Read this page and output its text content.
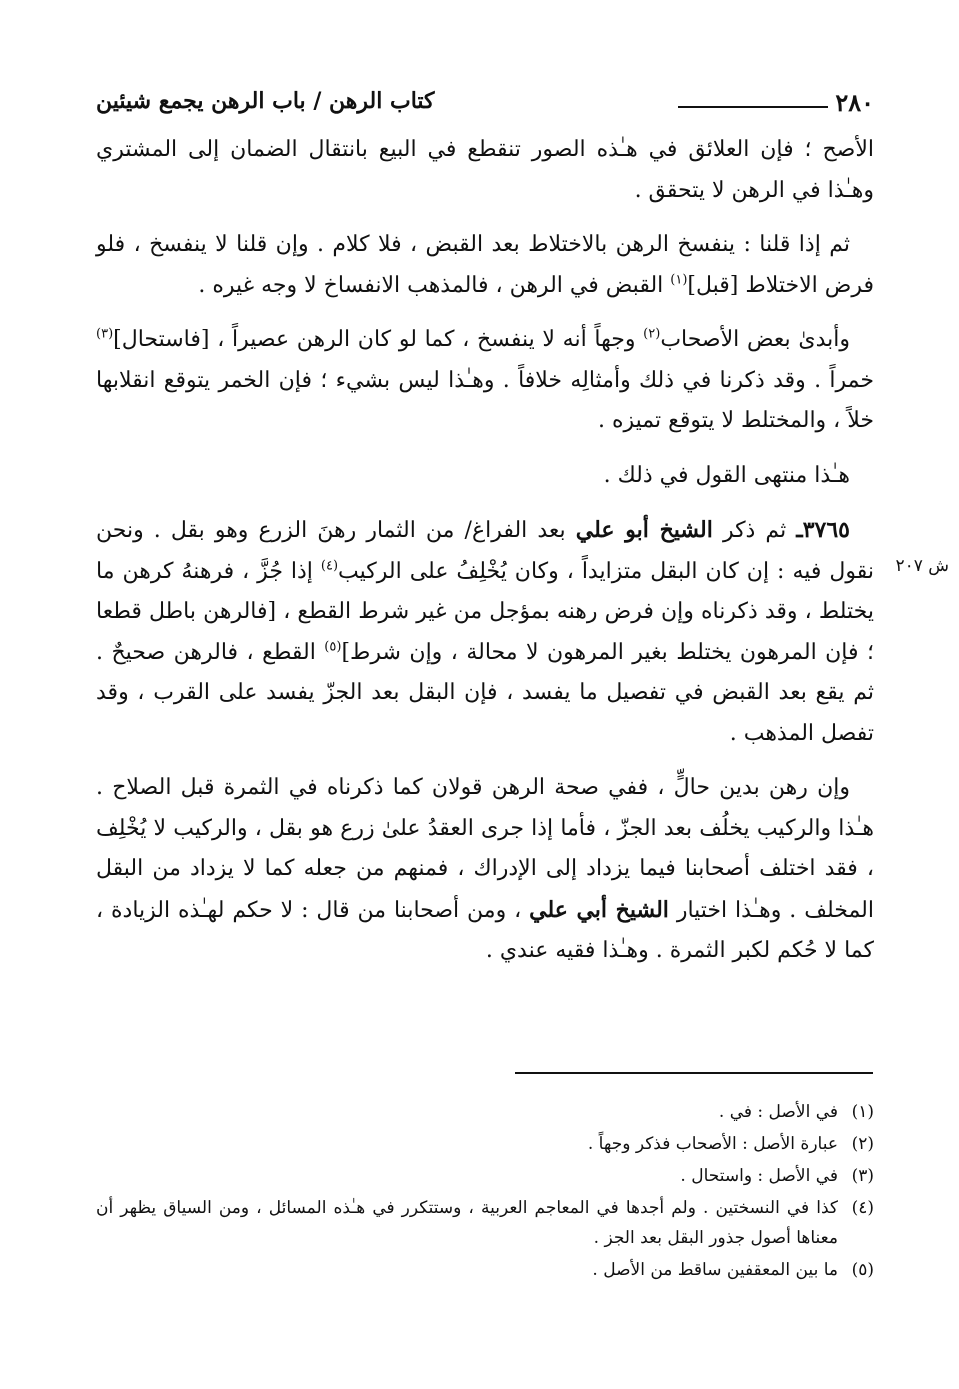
٢٨٠
كتاب الرهن / باب الرهن يجمع شيئين
ش ٢٠٧

الأصح ؛ فإن العلائق في هـٰذه الصور تنقطع في البيع بانتقال الضمان إلى المشتري وهـٰذا في الرهن لا يتحقق .

ثم إذا قلنا : ينفسخ الرهن بالاختلاط بعد القبض ، فلا كلام . وإن قلنا لا ينفسخ ، فلو فرض الاختلاط [قبل]$^{(١)}$ القبض في الرهن ، فالمذهب الانفساخ لا وجه غيره .

وأبدىٰ بعض الأصحاب$^{(٢)}$ وجهاً أنه لا ينفسخ ، كما لو كان الرهن عصيراً ، [فاستحال]$^{(٣)}$ خمراً . وقد ذكرنا في ذلك وأمثالِه خلافاً . وهـٰذا ليس بشيء ؛ فإن الخمر يتوقع انقلابها خلاً ، والمختلط لا يتوقع تميزه .

هـٰذا منتهى القول في ذلك .

٣٧٦٥ـ ثم ذكر الشيخ أبو علي بعد الفراغ/ من الثمار رهنَ الزرع وهو بقل . ونحن نقول فيه : إن كان البقل متزايداً ، وكان يُخْلِفُ على الركيب$^{(٤)}$ إذا جُزَّ ، فرهنهُ كرهن ما يختلط ، وقد ذكرناه وإن فرض رهنه بمؤجل من غير شرط القطع ، [فالرهن باطل قطعا ؛ فإن المرهون يختلط بغير المرهون لا محالة ، وإن شرط]$^{(٥)}$ القطع ، فالرهن صحيحٌ . ثم يقع بعد القبض في تفصيل ما يفسد ، فإن البقل بعد الجزّ يفسد على القرب ، وقد تفصل المذهب .

وإن رهن بدين حالٍّ ، ففي صحة الرهن قولان كما ذكرناه في الثمرة قبل الصلاح . هـٰذا والركيب يخلُف بعد الجزّ ، فأما إذا جرى العقدُ علىٰ زرع هو بقل ، والركيب لا يُخْلِف ، فقد اختلف أصحابنا فيما يزداد إلى الإدراك ، فمنهم من جعله كما لا يزداد من البقل المخلف . وهـٰذا اختيار الشيخ أبي علي ، ومن أصحابنا من قال : لا حكم لهـٰذه الزيادة ، كما لا حُكم لكبر الثمرة . وهـٰذا فقيه عندي .

(١)
في الأصل : في .
(٢)
عبارة الأصل : الأصحاب فذكر وجهاً .
(٣)
في الأصل : واستحال .
(٤)
كذا في النسختين . ولم أجدها في المعاجم العربية ، وستتكرر في هـٰذه المسائل ، ومن السياق يظهر أن معناها أصول جذور البقل بعد الجز .
(٥)
ما بين المعقفين ساقط من الأصل .
